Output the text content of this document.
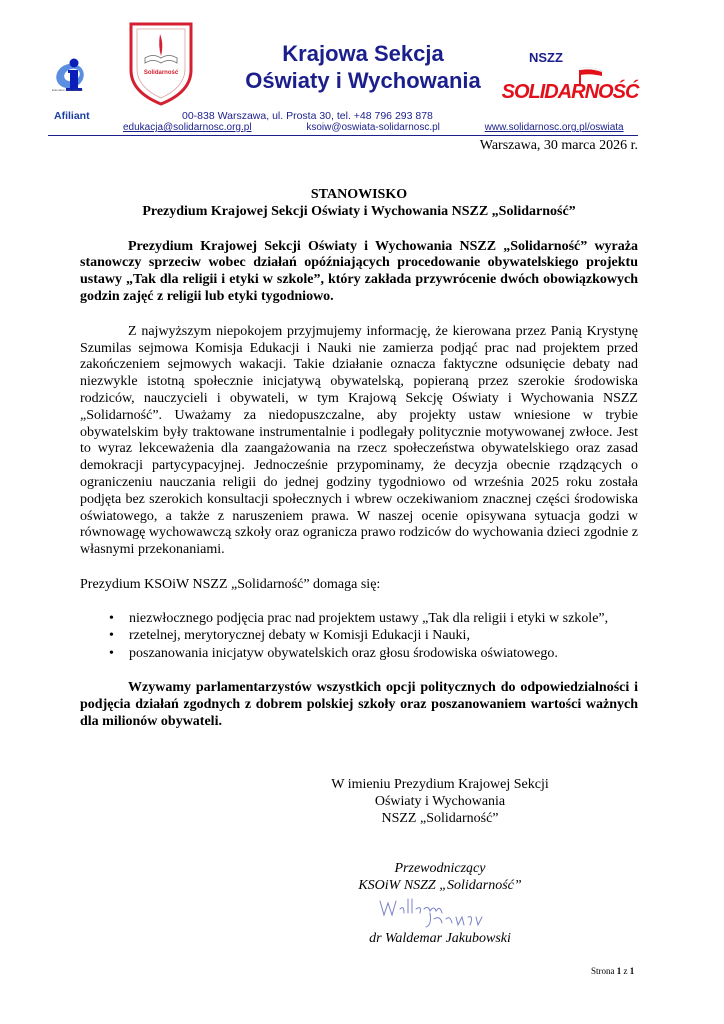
Education International
Solidarność
Krajowa Sekcja
Oświaty i Wychowania
NSZZ
SOLIDARNOŚĆ
Afiliant	00-838 Warszawa, ul. Prosta 30, tel. +48 796 293 878
edukacja@solidarnosc.org.pl	ksoiw@oswiata-solidarnosc.pl	www.solidarnosc.org.pl/oswiata
Warszawa, 30 marca 2026 r.
STANOWISKO
Prezydium Krajowej Sekcji Oświaty i Wychowania NSZZ „Solidarność”

Prezydium Krajowej Sekcji Oświaty i Wychowania NSZZ „Solidarność” wyraża stanowczy sprzeciw wobec działań opóźniających procedowanie obywatelskiego projektu ustawy „Tak dla religii i etyki w szkole”, który zakłada przywrócenie dwóch obowiązkowych godzin zajęć z religii lub etyki tygodniowo.

Z najwyższym niepokojem przyjmujemy informację, że kierowana przez Panią Krystynę Szumilas sejmowa Komisja Edukacji i Nauki nie zamierza podjąć prac nad projektem przed zakończeniem sejmowych wakacji. Takie działanie oznacza faktyczne odsunięcie debaty nad niezwykle istotną społecznie inicjatywą obywatelską, popieraną przez szerokie środowiska rodziców, nauczycieli i obywateli, w tym Krajową Sekcję Oświaty i Wychowania NSZZ „Solidarność”. Uważamy za niedopuszczalne, aby projekty ustaw wniesione w trybie obywatelskim były traktowane instrumentalnie i podlegały politycznie motywowanej zwłoce. Jest to wyraz lekceważenia dla zaangażowania na rzecz społeczeństwa obywatelskiego oraz zasad demokracji partycypacyjnej. Jednocześnie przypominamy, że decyzja obecnie rządzących o ograniczeniu nauczania religii do jednej godziny tygodniowo od września 2025 roku została podjęta bez szerokich konsultacji społecznych i wbrew oczekiwaniom znacznej części środowiska oświatowego, a także z naruszeniem prawa. W naszej ocenie opisywana sytuacja godzi w równowagę wychowawczą szkoły oraz ogranicza prawo rodziców do wychowania dzieci zgodnie z własnymi przekonaniami.

Prezydium KSOiW NSZZ „Solidarność” domaga się:

• niezwłocznego podjęcia prac nad projektem ustawy „Tak dla religii i etyki w szkole”,
• rzetelnej, merytorycznej debaty w Komisji Edukacji i Nauki,
• poszanowania inicjatyw obywatelskich oraz głosu środowiska oświatowego.

Wzywamy parlamentarzystów wszystkich opcji politycznych do odpowiedzialności i podjęcia działań zgodnych z dobrem polskiej szkoły oraz poszanowaniem wartości ważnych dla milionów obywateli.

W imieniu Prezydium Krajowej Sekcji
Oświaty i Wychowania
NSZZ „Solidarność”
Przewodniczący
KSOiW NSZZ „Solidarność”
dr Waldemar Jakubowski
Strona 1 z 1
